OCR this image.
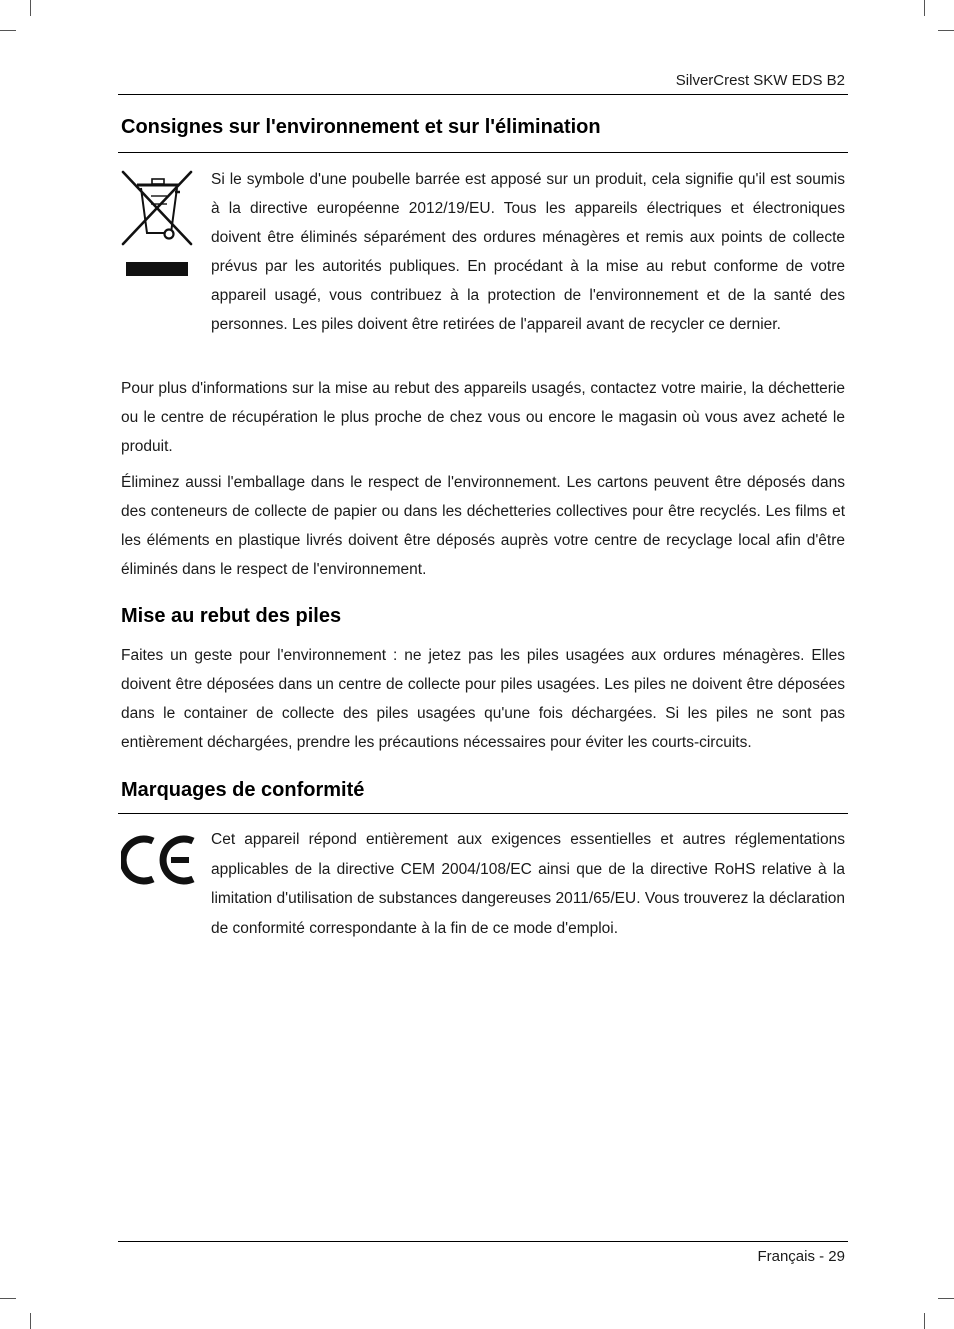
SilverCrest SKW EDS B2
Consignes sur l'environnement et sur l'élimination

Si le symbole d'une poubelle barrée est apposé sur un produit, cela signifie qu'il est soumis à la directive européenne 2012/19/EU. Tous les appareils électriques et électroniques doivent être éliminés séparément des ordures ménagères et remis aux points de collecte prévus par les autorités publiques. En procédant à la mise au rebut conforme de votre appareil usagé, vous contribuez à la protection de l'environnement et de la santé des personnes. Les piles doivent être retirées de l'appareil avant de recycler ce dernier.

Pour plus d'informations sur la mise au rebut des appareils usagés, contactez votre mairie, la déchetterie ou le centre de récupération le plus proche de chez vous ou encore le magasin où vous avez acheté le produit.

Éliminez aussi l'emballage dans le respect de l'environnement. Les cartons peuvent être déposés dans des conteneurs de collecte de papier ou dans les déchetteries collectives pour être recyclés. Les films et les éléments en plastique livrés doivent être déposés auprès votre centre de recyclage local afin d'être éliminés dans le respect de l'environnement.

Mise au rebut des piles

Faites un geste pour l'environnement : ne jetez pas les piles usagées aux ordures ménagères. Elles doivent être déposées dans un centre de collecte pour piles usagées. Les piles ne doivent être déposées dans le container de collecte des piles usagées qu'une fois déchargées. Si les piles ne sont pas entièrement déchargées, prendre les précautions nécessaires pour éviter les courts-circuits.

Marquages de conformité

Cet appareil répond entièrement aux exigences essentielles et autres réglementations applicables de la directive CEM 2004/108/EC ainsi que de la directive RoHS relative à la limitation d'utilisation de substances dangereuses 2011/65/EU. Vous trouverez la déclaration de conformité correspondante à la fin de ce mode d'emploi.

Français - 29
